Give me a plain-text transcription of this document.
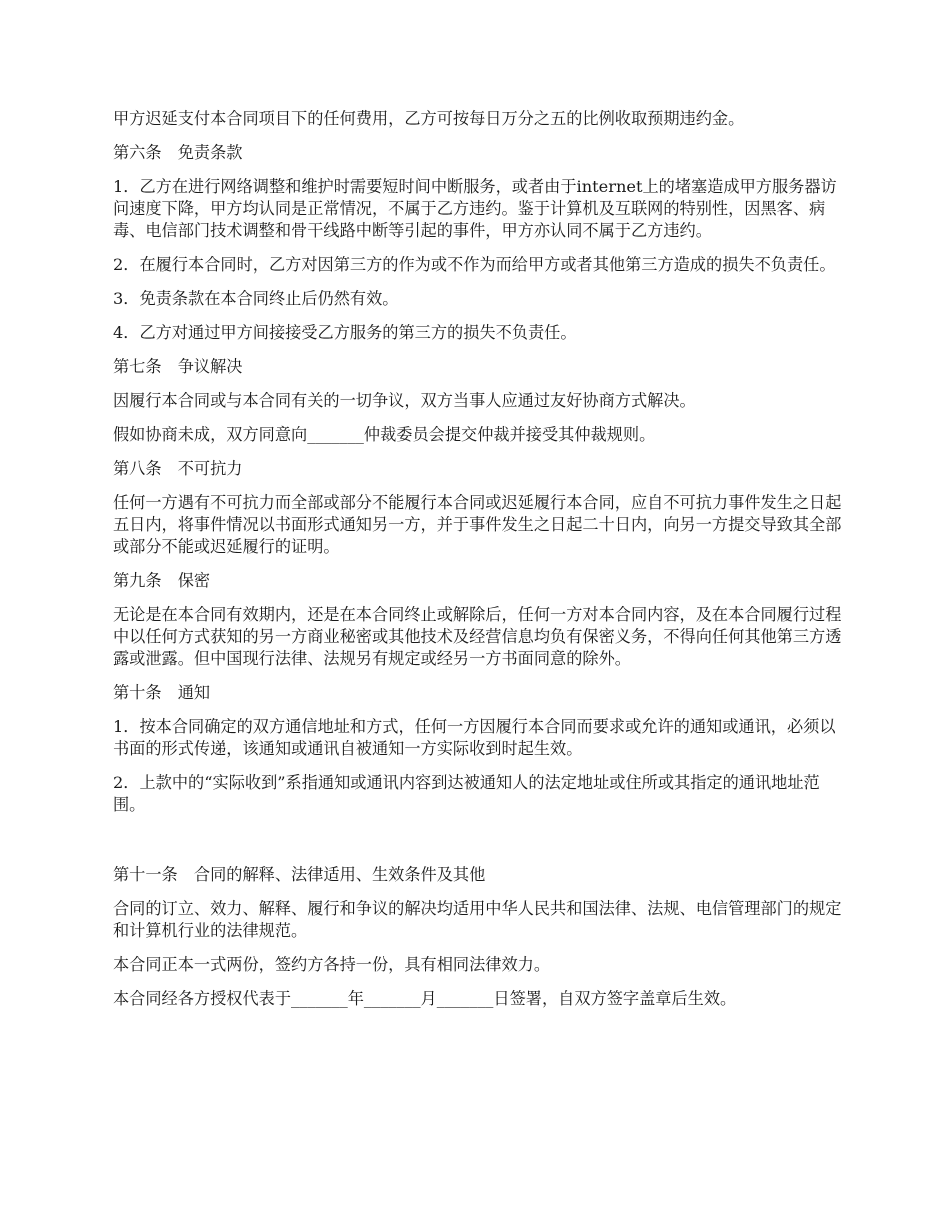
甲方迟延支付本合同项目下的任何费用，乙方可按每日万分之五的比例收取预期违约金。

第六条　免责条款

1．乙方在进行网络调整和维护时需要短时间中断服务，或者由于internet上的堵塞造成甲方服务器访问速度下降，甲方均认同是正常情况，不属于乙方违约。鉴于计算机及互联网的特别性，因黑客、病毒、电信部门技术调整和骨干线路中断等引起的事件，甲方亦认同不属于乙方违约。

2．在履行本合同时，乙方对因第三方的作为或不作为而给甲方或者其他第三方造成的损失不负责任。

3．免责条款在本合同终止后仍然有效。

4．乙方对通过甲方间接接受乙方服务的第三方的损失不负责任。

第七条　争议解决

因履行本合同或与本合同有关的一切争议，双方当事人应通过友好协商方式解决。

假如协商未成，双方同意向_______仲裁委员会提交仲裁并接受其仲裁规则。

第八条　不可抗力

任何一方遇有不可抗力而全部或部分不能履行本合同或迟延履行本合同，应自不可抗力事件发生之日起五日内，将事件情况以书面形式通知另一方，并于事件发生之日起二十日内，向另一方提交导致其全部或部分不能或迟延履行的证明。

第九条　保密

无论是在本合同有效期内，还是在本合同终止或解除后，任何一方对本合同内容，及在本合同履行过程中以任何方式获知的另一方商业秘密或其他技术及经营信息均负有保密义务，不得向任何其他第三方透露或泄露。但中国现行法律、法规另有规定或经另一方书面同意的除外。

第十条　通知

1．按本合同确定的双方通信地址和方式，任何一方因履行本合同而要求或允许的通知或通讯，必须以书面的形式传递，该通知或通讯自被通知一方实际收到时起生效。

2．上款中的“实际收到”系指通知或通讯内容到达被通知人的法定地址或住所或其指定的通讯地址范围。

第十一条　合同的解释、法律适用、生效条件及其他

合同的订立、效力、解释、履行和争议的解决均适用中华人民共和国法律、法规、电信管理部门的规定和计算机行业的法律规范。

本合同正本一式两份，签约方各持一份，具有相同法律效力。

本合同经各方授权代表于_______年_______月_______日签署，自双方签字盖章后生效。
